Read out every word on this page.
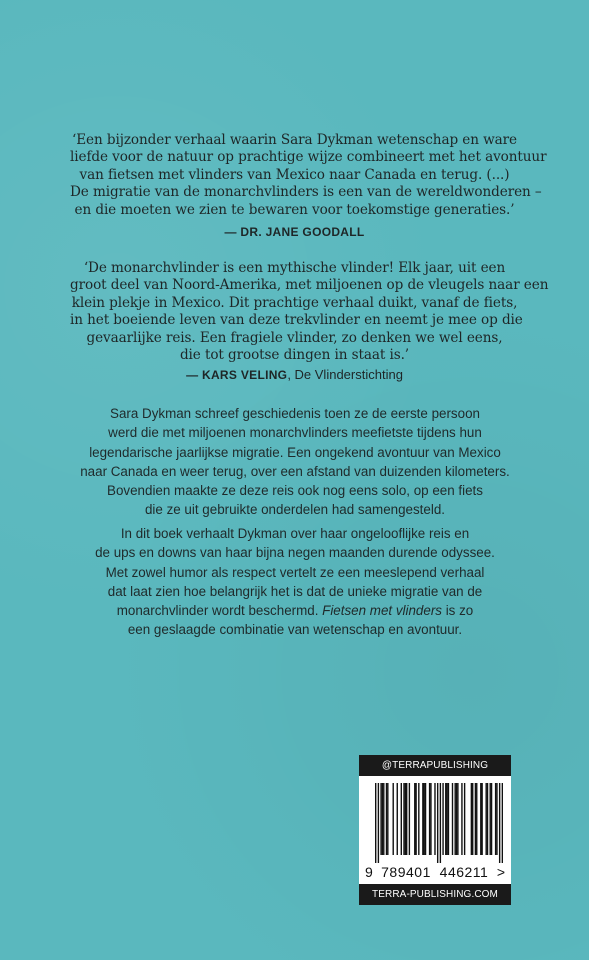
‘Een bijzonder verhaal waarin Sara Dykman wetenschap en ware
liefde voor de natuur op prachtige wijze combineert met het avontuur
van fietsen met vlinders van Mexico naar Canada en terug. (...)
De migratie van de monarchvlinders is een van de wereldwonderen –
en die moeten we zien te bewaren voor toekomstige generaties.’
— DR. JANE GOODALL
‘De monarchvlinder is een mythische vlinder! Elk jaar, uit een
groot deel van Noord-Amerika, met miljoenen op de vleugels naar een
klein plekje in Mexico. Dit prachtige verhaal duikt, vanaf de fiets,
in het boeiende leven van deze trekvlinder en neemt je mee op die
gevaarlijke reis. Een fragiele vlinder, zo denken we wel eens,
die tot grootse dingen in staat is.’
— KARS VELING, De Vlinderstichting
Sara Dykman schreef geschiedenis toen ze de eerste persoon
werd die met miljoenen monarchvlinders meefietste tijdens hun
legendarische jaarlijkse migratie. Een ongekend avontuur van Mexico
naar Canada en weer terug, over een afstand van duizenden kilometers.
Bovendien maakte ze deze reis ook nog eens solo, op een fiets
die ze uit gebruikte onderdelen had samengesteld.
In dit boek verhaalt Dykman over haar ongelooflijke reis en
de ups en downs van haar bijna negen maanden durende odyssee.
Met zowel humor als respect vertelt ze een meeslepend verhaal
dat laat zien hoe belangrijk het is dat de unieke migratie van de
monarchvlinder wordt beschermd. Fietsen met vlinders is zo
een geslaagde combinatie van wetenschap en avontuur.
@TERRAPUBLISHING
9 789401 446211 >
TERRA-PUBLISHING.COM
